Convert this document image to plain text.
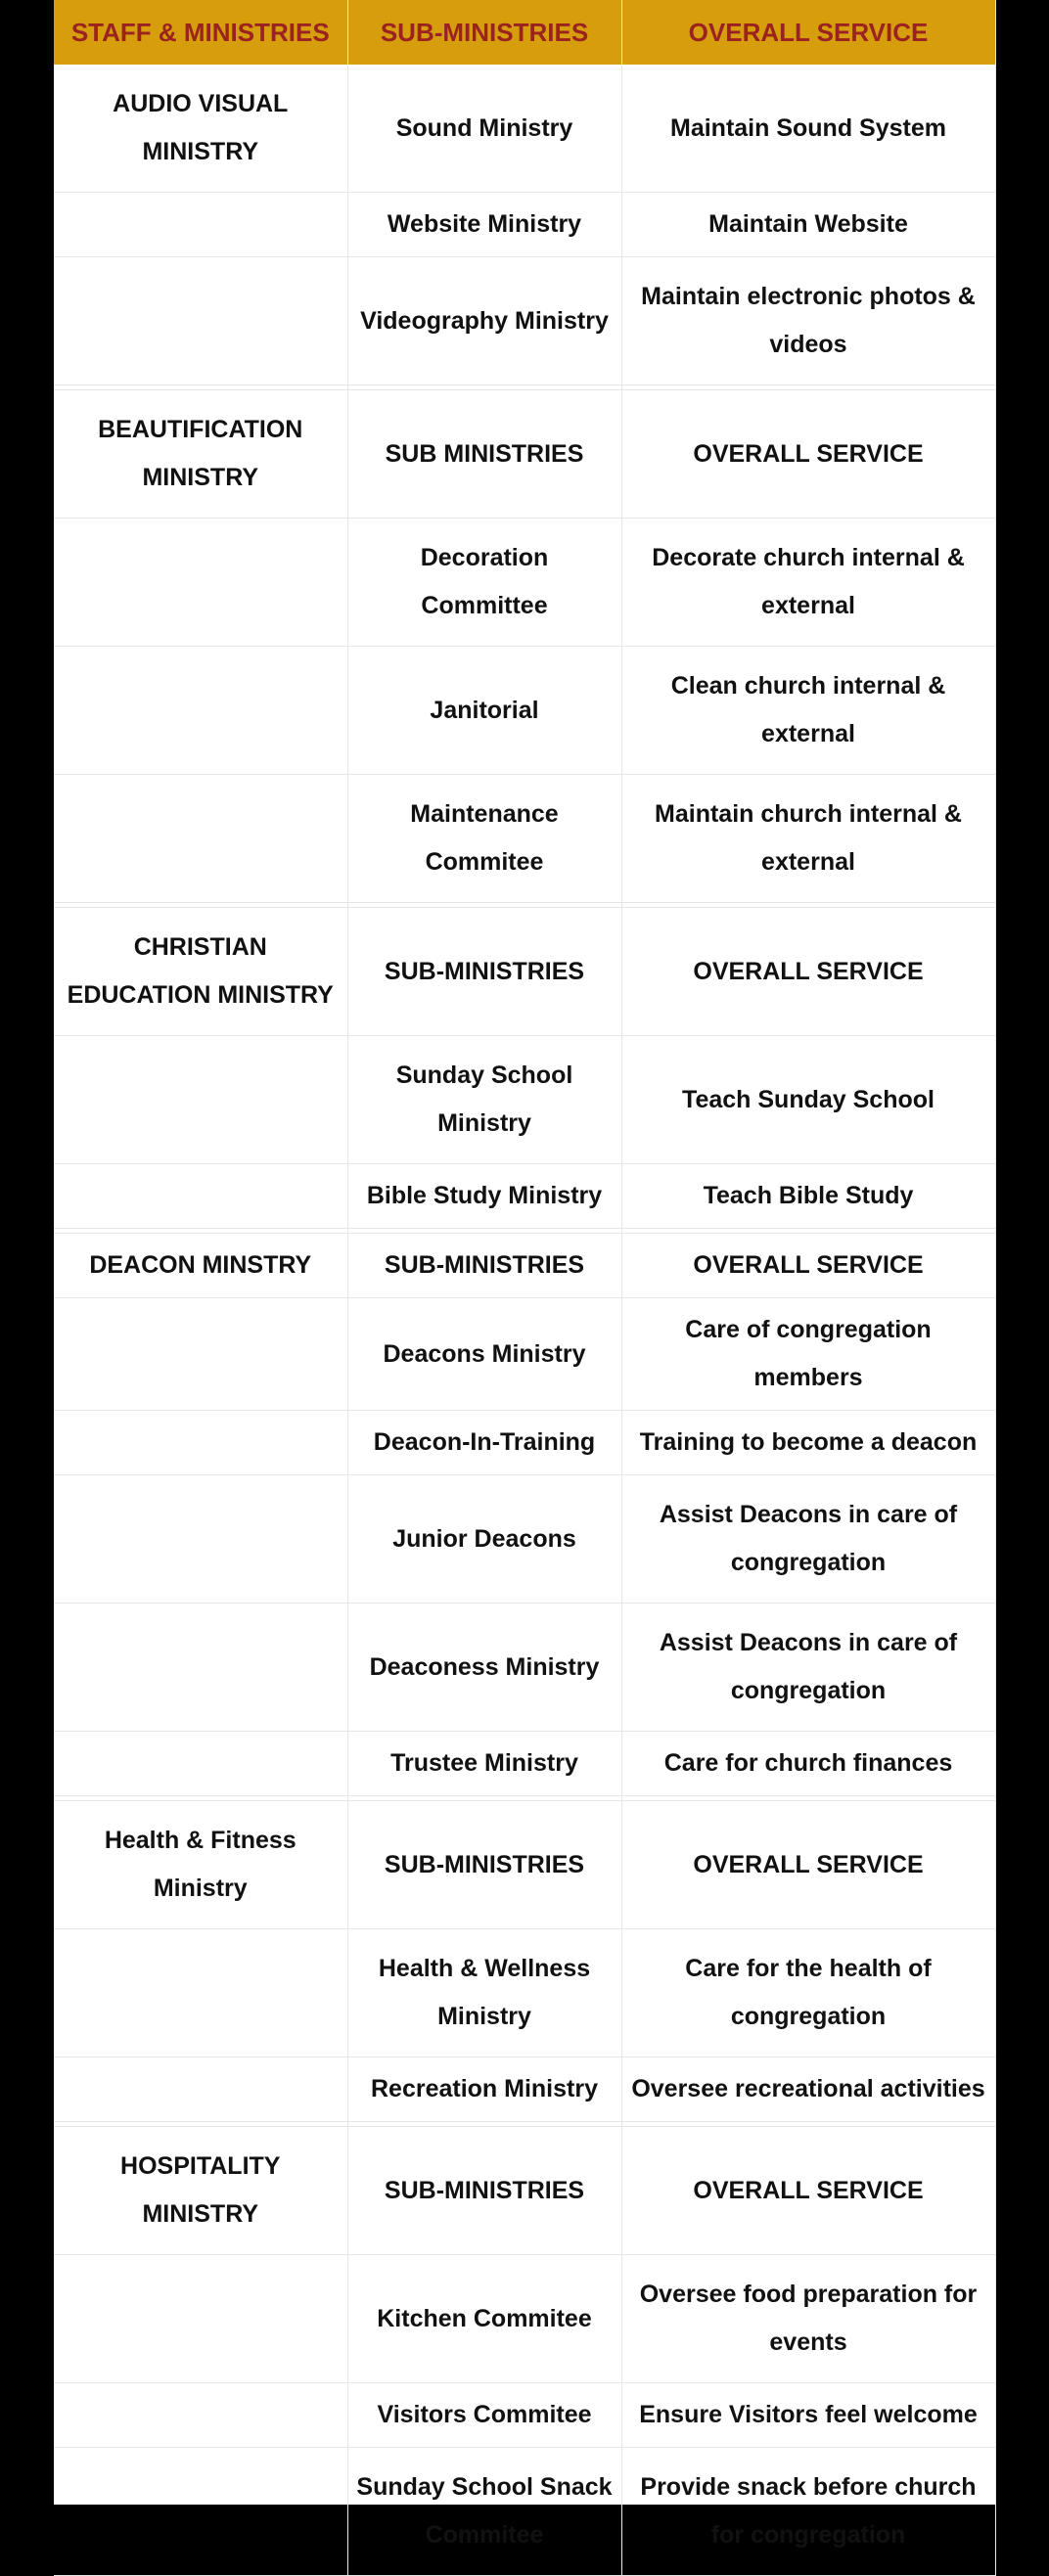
STAFF & MINISTRIES	SUB-MINISTRIES	OVERALL SERVICE
AUDIO VISUAL MINISTRY	Sound Ministry	Maintain Sound System
	Website Ministry	Maintain Website
	Videography Ministry	Maintain electronic photos & videos

BEAUTIFICATION MINISTRY	SUB MINISTRIES	OVERALL SERVICE
	Decoration Committee	Decorate church internal & external
	Janitorial	Clean church internal & external
	Maintenance Commitee	Maintain church internal & external

CHRISTIAN EDUCATION MINISTRY	SUB-MINISTRIES	OVERALL SERVICE
	Sunday School Ministry	Teach Sunday School
	Bible Study Ministry	Teach Bible Study

DEACON MINSTRY	SUB-MINISTRIES	OVERALL SERVICE
	Deacons Ministry	Care of congregation members
	Deacon-In-Training	Training to become a deacon
	Junior Deacons	Assist Deacons in care of congregation
	Deaconess Ministry	Assist Deacons in care of congregation
	Trustee Ministry	Care for church finances

Health & Fitness Ministry	SUB-MINISTRIES	OVERALL SERVICE
	Health & Wellness Ministry	Care for the health of congregation
	Recreation Ministry	Oversee recreational activities

HOSPITALITY MINISTRY	SUB-MINISTRIES	OVERALL SERVICE
	Kitchen Commitee	Oversee food preparation for events
	Visitors Commitee	Ensure Visitors feel welcome
	Sunday School Snack Commitee	Provide snack before church for congregation
